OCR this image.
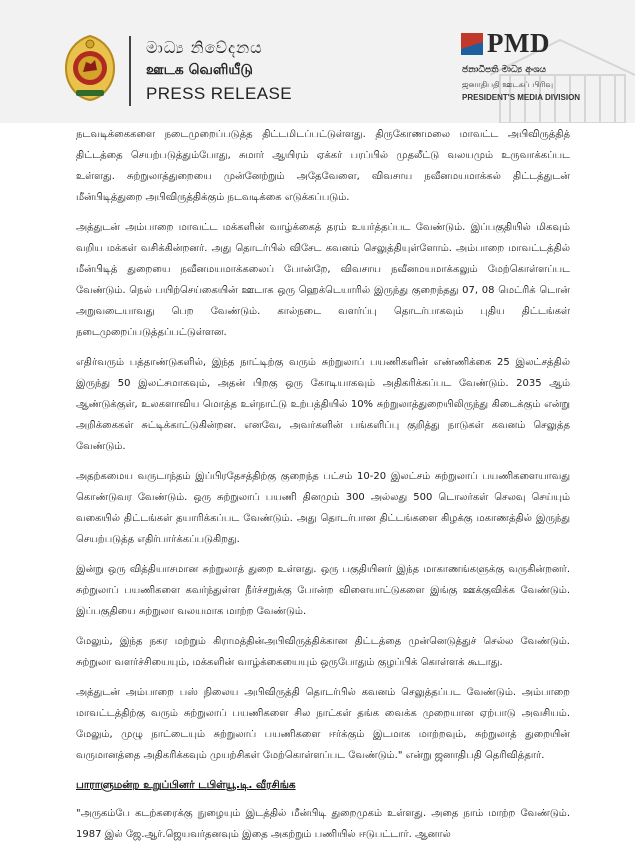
මාධ්‍ය නිවේදනය
ஊடக வெளியீடு
PRESS RELEASE
PMD
ජනාධිපති මාධ්‍ය අංශය
ஜனாதிபதி ஊடகப் பிரிவு
PRESIDENT'S MEDIA DIVISION

நடவடிக்கைகளை நடைமுறைப்படுத்த திட்டமிடப்பட்டுள்ளது. திருகோணமலை மாவட்ட அபிவிருத்தித் திட்டத்தை செயற்படுத்தும்போது, சுமார் ஆயிரம் ஏக்கர் பரப்பில் முதலீட்டு வலயமும் உருவாக்கப்பட உள்ளது. சுற்றுலாத்துறையை முன்னேற்றும் அதேவேளை, விவசாய நவீனமயமாக்கல் திட்டத்துடன் மீன்பிடித்துறை அபிவிருத்திக்கும் நடவடிக்கை எடுக்கப்படும்.

அத்துடன் அம்பாறை மாவட்ட மக்களின் வாழ்க்கைத் தரம் உயர்த்தப்பட வேண்டும். இப்பகுதியில் மிகவும் வறிய மக்கள் வசிக்கின்றனர். அது தொடர்பில் விசேட கவனம் செலுத்தியுள்ளோம். அம்பாறை மாவட்டத்தில் மீன்பிடித் துறையை நவீனமயமாக்கலைப் போன்றே, விவசாய நவீனமயமாக்கலும் மேற்கொள்ளப்பட வேண்டும். நெல் பயிற்செய்கையின் ஊடாக ஒரு ஹெக்டெயாரில் இருந்து குறைந்தது 07, 08 மெட்ரிக் டொன் அறுவடையாவது பெற வேண்டும். கால்நடை வளர்ப்பு தொடர்பாகவும் புதிய திட்டங்கள் நடைமுறைப்படுத்தப்பட்டுள்ளன.

எதிர்வரும் பத்தாண்டுகளில், இந்த நாட்டிற்கு வரும் சுற்றுலாப் பயணிகளின் எண்ணிக்கை 25 இலட்சத்தில் இருந்து 50 இலட்சமாகவும், அதன் பிறகு ஒரு கோடியாகவும் அதிகரிக்கப்பட வேண்டும். 2035 ஆம் ஆண்டுக்குள், உலகளாவிய மொத்த உள்நாட்டு உற்பத்தியில் 10% சுற்றுலாத்துறையிலிருந்து கிடைக்கும் என்று அறிக்கைகள் சுட்டிக்காட்டுகின்றன. எனவே, அவர்களின் பங்களிப்பு குறித்து நாடுகள் கவனம் செலுத்த வேண்டும்.

அதற்கமைய வருடாந்தம் இப்பிரதேசத்திற்கு குறைந்த பட்சம் 10-20 இலட்சம் சுற்றுலாப் பயணிகளையாவது கொண்டுவர வேண்டும். ஒரு சுற்றுலாப் பயணி தினமும் 300 அல்லது 500 டொலர்கள் செலவு செய்யும் வகையில் திட்டங்கள் தயாரிக்கப்பட வேண்டும். அது தொடர்பான திட்டங்களை கிழக்கு மகாணத்தில் இருந்து செயற்படுத்த எதிர்பார்க்கப்படுகிறது.

இன்று ஒரு வித்தியாசமான சுற்றுலாத் துறை உள்ளது. ஒரு பகுதியினர் இந்த மாகாணங்களுக்கு வருகின்றனர். சுற்றுலாப் பயணிகளை கவர்ந்துள்ள நீர்ச்சறுக்கு போன்ற விளையாட்டுகளை இங்கு ஊக்குவிக்க வேண்டும். இப்பகுதியை சுற்றுலா வலயமாக மாற்ற வேண்டும்.

மேலும், இந்த நகர மற்றும் கிராமத்தின்அபிவிருத்திக்கான திட்டத்தை முன்னெடுத்துச் செல்ல வேண்டும். சுற்றுலா வளர்ச்சியையும், மக்களின் வாழ்க்கையையும் ஒருபோதும் குழப்பிக் கொள்ளக் கூடாது.

அத்துடன் அம்பாறை பஸ் நிலைய அபிவிருத்தி தொடர்பில் கவனம் செலுத்தப்பட வேண்டும். அம்பாறை மாவட்டத்திற்கு வரும் சுற்றுலாப் பயணிகளை சில நாட்கள் தங்க வைக்க முறையான ஏற்பாடு அவசியம். மேலும், முழு நாட்டையும் சுற்றுலாப் பயணிகளை ஈர்க்கும் இடமாக மாற்றவும், சுற்றுலாத் துறையின் வருமானத்தை அதிகரிக்கவும் முயற்சிகள் மேற்கொள்ளப்பட வேண்டும்." என்று ஜனாதிபதி தெரிவித்தார்.

பாராளுமன்ற உறுப்பினர் டபிள்யூ.டி. வீரசிங்க

"அருகம்பே கடற்கரைக்கு நுழையும் இடத்தில் மீன்பிடி துறைமுகம் உள்ளது. அதை நாம் மாற்ற வேண்டும். 1987 இல் ஜே.ஆர்.ஜெயவர்தனவும் இதை அகற்றும் பணியில் ஈடுபட்டார். ஆனால்
